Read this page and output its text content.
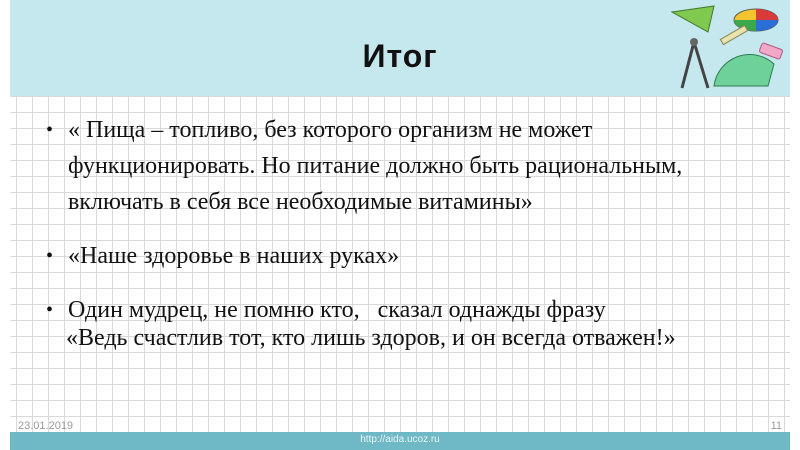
Итог
• « Пища – топливо, без которого организм не может функционировать. Но питание должно быть рациональным, включать в себя все необходимые витамины»
• «Наше здоровье в наших руках»
• Один мудрец, не помню кто,   сказал однажды фразу
«Ведь счастлив тот, кто лишь здоров, и он всегда отважен!»
23.01.2019	11
http://aida.ucoz.ru
